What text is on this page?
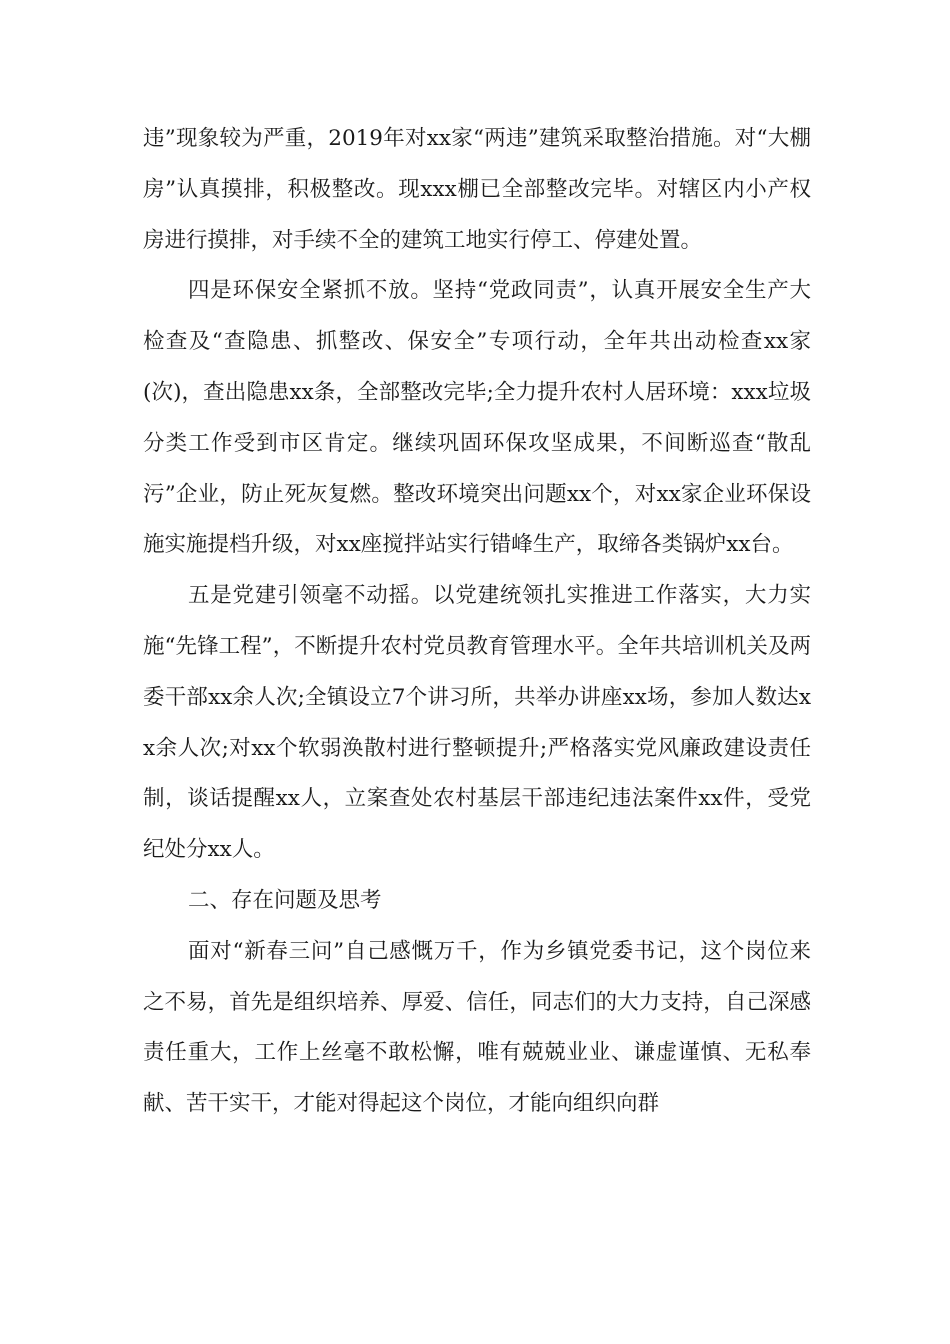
违”现象较为严重，2019年对xx家“两违”建筑采取整治措施。对“大棚房”认真摸排，积极整改。现xxx棚已全部整改完毕。对辖区内小产权房进行摸排，对手续不全的建筑工地实行停工、停建处置。

四是环保安全紧抓不放。坚持“党政同责”，认真开展安全生产大检查及“查隐患、抓整改、保安全”专项行动，全年共出动检查xx家(次)，查出隐患xx条，全部整改完毕;全力提升农村人居环境：xxx垃圾分类工作受到市区肯定。继续巩固环保攻坚成果，不间断巡查“散乱污”企业，防止死灰复燃。整改环境突出问题xx个，对xx家企业环保设施实施提档升级，对xx座搅拌站实行错峰生产，取缔各类锅炉xx台。

五是党建引领毫不动摇。以党建统领扎实推进工作落实，大力实施“先锋工程”，不断提升农村党员教育管理水平。全年共培训机关及两委干部xx余人次;全镇设立7个讲习所，共举办讲座xx场，参加人数达xx余人次;对xx个软弱涣散村进行整顿提升;严格落实党风廉政建设责任制，谈话提醒xx人，立案查处农村基层干部违纪违法案件xx件，受党纪处分xx人。

二、存在问题及思考

面对“新春三问”自己感慨万千，作为乡镇党委书记，这个岗位来之不易，首先是组织培养、厚爱、信任，同志们的大力支持，自己深感责任重大，工作上丝毫不敢松懈，唯有兢兢业业、谦虚谨慎、无私奉献、苦干实干，才能对得起这个岗位，才能向组织向群
